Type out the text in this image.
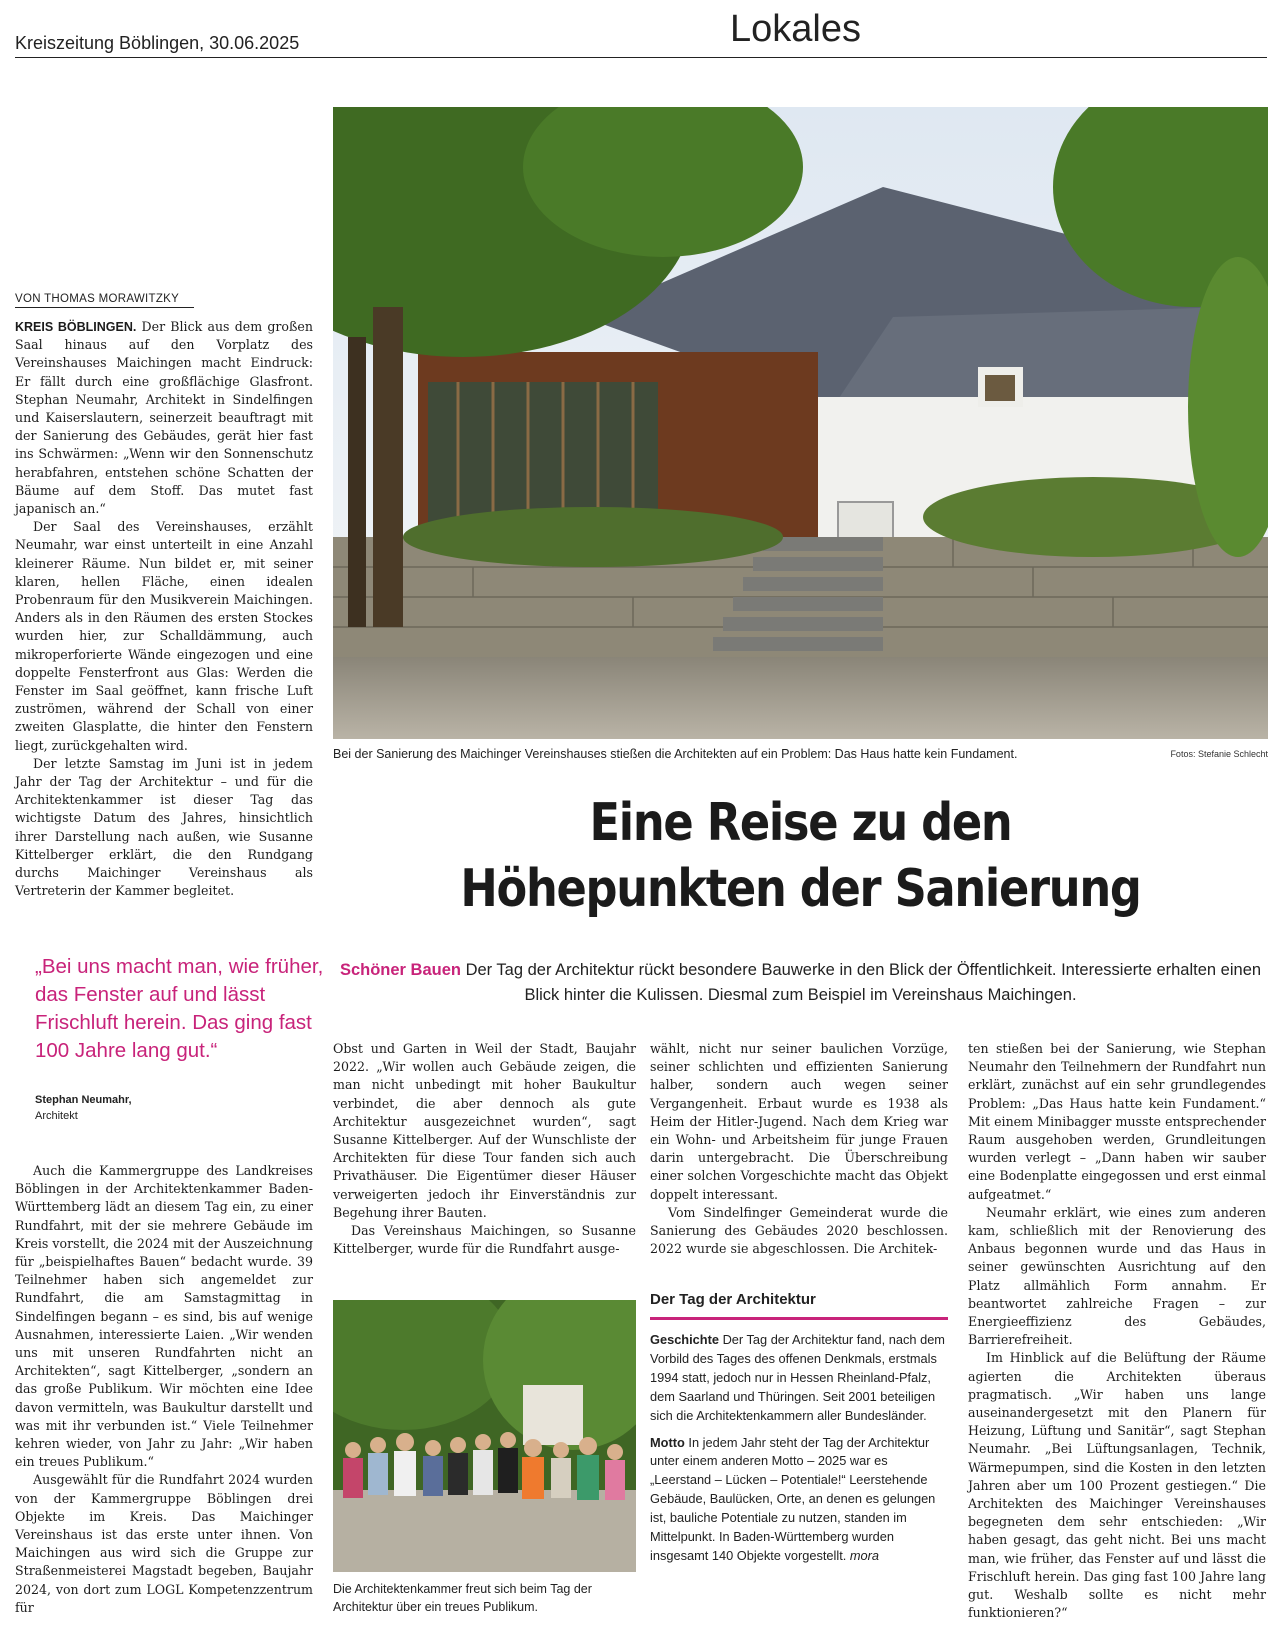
Kreiszeitung Böblingen, 30.06.2025	Lokales
VON THOMAS MORAWITZKY

KREIS BÖBLINGEN. Der Blick aus dem großen Saal hinaus auf den Vorplatz des Vereinshauses Maichingen macht Eindruck: Er fällt durch eine großflächige Glasfront. Stephan Neumahr, Architekt in Sindelfingen und Kaiserslautern, seinerzeit beauftragt mit der Sanierung des Gebäudes, gerät hier fast ins Schwärmen: „Wenn wir den Sonnenschutz herabfahren, entstehen schöne Schatten der Bäume auf dem Stoff. Das mutet fast japanisch an.“

Der Saal des Vereinshauses, erzählt Neumahr, war einst unterteilt in eine Anzahl kleinerer Räume. Nun bildet er, mit seiner klaren, hellen Fläche, einen idealen Probenraum für den Musikverein Maichingen. Anders als in den Räumen des ersten Stockes wurden hier, zur Schalldämmung, auch mikroperforierte Wände eingezogen und eine doppelte Fensterfront aus Glas: Werden die Fenster im Saal geöffnet, kann frische Luft zuströmen, während der Schall von einer zweiten Glasplatte, die hinter den Fenstern liegt, zurückgehalten wird.

Der letzte Samstag im Juni ist in jedem Jahr der Tag der Architektur – und für die Architektenkammer ist dieser Tag das wichtigste Datum des Jahres, hinsichtlich ihrer Darstellung nach außen, wie Susanne Kittelberger erklärt, die den Rundgang durchs Maichinger Vereinshaus als Vertreterin der Kammer begleitet.

„Bei uns macht man, wie früher, das Fenster auf und lässt Frischluft herein. Das ging fast 100 Jahre lang gut.“
Stephan Neumahr,
Architekt

Auch die Kammergruppe des Landkreises Böblingen in der Architektenkammer Baden-Württemberg lädt an diesem Tag ein, zu einer Rundfahrt, mit der sie mehrere Gebäude im Kreis vorstellt, die 2024 mit der Auszeichnung für „beispielhaftes Bauen“ bedacht wurde. 39 Teilnehmer haben sich angemeldet zur Rundfahrt, die am Samstagmittag in Sindelfingen begann – es sind, bis auf wenige Ausnahmen, interessierte Laien. „Wir wenden uns mit unseren Rundfahrten nicht an Architekten“, sagt Kittelberger, „sondern an das große Publikum. Wir möchten eine Idee davon vermitteln, was Baukultur darstellt und was mit ihr verbunden ist.“ Viele Teilnehmer kehren wieder, von Jahr zu Jahr: „Wir haben ein treues Publikum.“

Ausgewählt für die Rundfahrt 2024 wurden von der Kammergruppe Böblingen drei Objekte im Kreis. Das Maichinger Vereinshaus ist das erste unter ihnen. Von Maichingen aus wird sich die Gruppe zur Straßenmeisterei Magstadt begeben, Baujahr 2024, von dort zum LOGL Kompetenzzentrum für

Bei der Sanierung des Maichinger Vereinshauses stießen die Architekten auf ein Problem: Das Haus hatte kein Fundament.	Fotos: Stefanie Schlecht
Eine Reise zu den
Höhepunkten der Sanierung
Schöner Bauen Der Tag der Architektur rückt besondere Bauwerke in den Blick der Öffentlichkeit. Interessierte erhalten einen Blick hinter die Kulissen. Diesmal zum Beispiel im Vereinshaus Maichingen.

Obst und Garten in Weil der Stadt, Baujahr 2022. „Wir wollen auch Gebäude zeigen, die man nicht unbedingt mit hoher Baukultur verbindet, die aber dennoch als gute Architektur ausgezeichnet wurden“, sagt Susanne Kittelberger. Auf der Wunschliste der Architekten für diese Tour fanden sich auch Privathäuser. Die Eigentümer dieser Häuser verweigerten jedoch ihr Einverständnis zur Begehung ihrer Bauten.

Das Vereinshaus Maichingen, so Susanne Kittelberger, wurde für die Rundfahrt ausge-

Die Architektenkammer freut sich beim Tag der Architektur über ein treues Publikum.

wählt, nicht nur seiner baulichen Vorzüge, seiner schlichten und effizienten Sanierung halber, sondern auch wegen seiner Vergangenheit. Erbaut wurde es 1938 als Heim der Hitler-Jugend. Nach dem Krieg war ein Wohn- und Arbeitsheim für junge Frauen darin untergebracht. Die Überschreibung einer solchen Vorgeschichte macht das Objekt doppelt interessant.

Vom Sindelfinger Gemeinderat wurde die Sanierung des Gebäudes 2020 beschlossen. 2022 wurde sie abgeschlossen. Die Architek-

Der Tag der Architektur

Geschichte Der Tag der Architektur fand, nach dem Vorbild des Tages des offenen Denkmals, erstmals 1994 statt, jedoch nur in Hessen Rheinland-Pfalz, dem Saarland und Thüringen. Seit 2001 beteiligen sich die Architektenkammern aller Bundesländer.

Motto In jedem Jahr steht der Tag der Architektur unter einem anderen Motto – 2025 war es „Leerstand – Lücken – Potentiale!“ Leerstehende Gebäude, Baulücken, Orte, an denen es gelungen ist, bauliche Potentiale zu nutzen, standen im Mittelpunkt. In Baden-Württemberg wurden insgesamt 140 Objekte vorgestellt. mora

ten stießen bei der Sanierung, wie Stephan Neumahr den Teilnehmern der Rundfahrt nun erklärt, zunächst auf ein sehr grundlegendes Problem: „Das Haus hatte kein Fundament.“ Mit einem Minibagger musste entsprechender Raum ausgehoben werden, Grundleitungen wurden verlegt – „Dann haben wir sauber eine Bodenplatte eingegossen und erst einmal aufgeatmet.“

Neumahr erklärt, wie eines zum anderen kam, schließlich mit der Renovierung des Anbaus begonnen wurde und das Haus in seiner gewünschten Ausrichtung auf den Platz allmählich Form annahm. Er beantwortet zahlreiche Fragen – zur Energieeffizienz des Gebäudes, Barrierefreiheit.

Im Hinblick auf die Belüftung der Räume agierten die Architekten überaus pragmatisch. „Wir haben uns lange auseinandergesetzt mit den Planern für Heizung, Lüftung und Sanitär“, sagt Stephan Neumahr. „Bei Lüftungsanlagen, Technik, Wärmepumpen, sind die Kosten in den letzten Jahren aber um 100 Prozent gestiegen.“ Die Architekten des Maichinger Vereinshauses begegneten dem sehr entschieden: „Wir haben gesagt, das geht nicht. Bei uns macht man, wie früher, das Fenster auf und lässt die Frischluft herein. Das ging fast 100 Jahre lang gut. Weshalb sollte es nicht mehr funktionieren?“
